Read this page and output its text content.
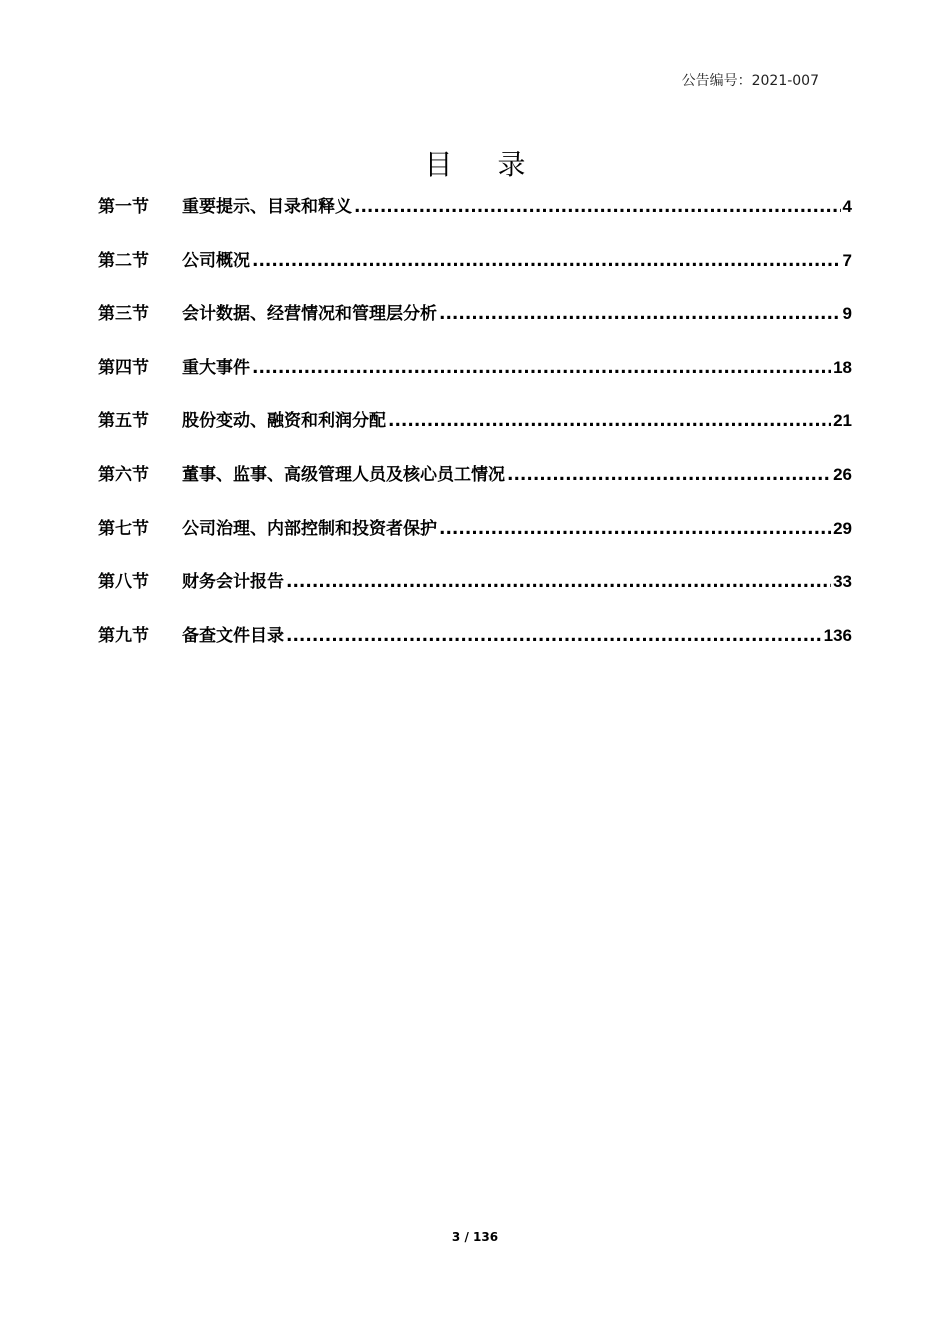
公告编号：2021-007
目 录
第一节	重要提示、目录和释义 .....	4
第二节	公司概况 .....	7
第三节	会计数据、经营情况和管理层分析 .....	9
第四节	重大事件 .....	18
第五节	股份变动、融资和利润分配 .....	21
第六节	董事、监事、高级管理人员及核心员工情况 .....	26
第七节	公司治理、内部控制和投资者保护 .....	29
第八节	财务会计报告 .....	33
第九节	备查文件目录 .....	136
3 / 136
